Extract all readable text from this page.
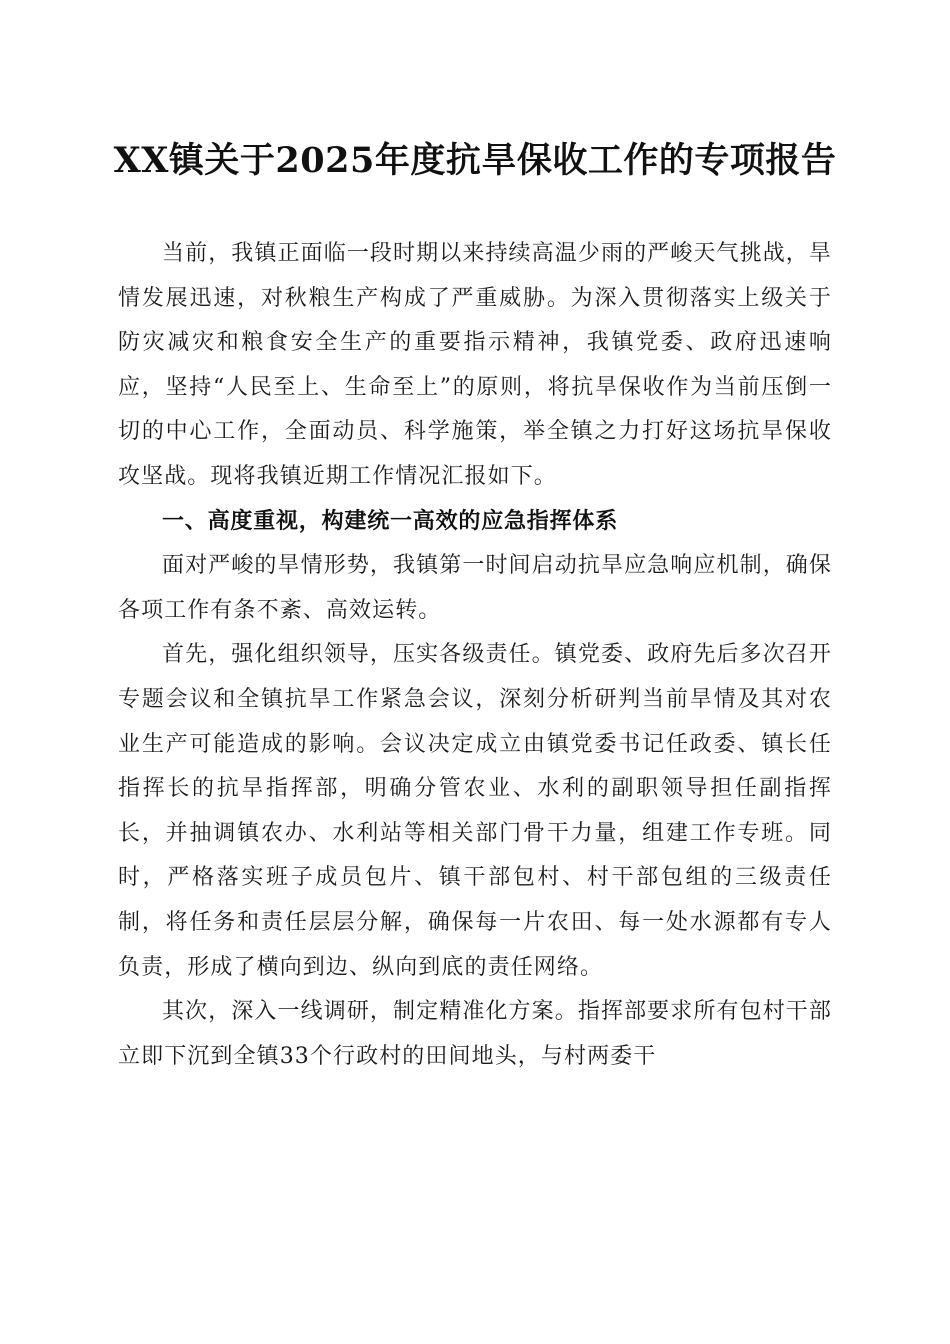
XX镇关于2025年度抗旱保收工作的专项报告

当前，我镇正面临一段时期以来持续高温少雨的严峻天气挑战，旱情发展迅速，对秋粮生产构成了严重威胁。为深入贯彻落实上级关于防灾减灾和粮食安全生产的重要指示精神，我镇党委、政府迅速响应，坚持“人民至上、生命至上”的原则，将抗旱保收作为当前压倒一切的中心工作，全面动员、科学施策，举全镇之力打好这场抗旱保收攻坚战。现将我镇近期工作情况汇报如下。

一、高度重视，构建统一高效的应急指挥体系

面对严峻的旱情形势，我镇第一时间启动抗旱应急响应机制，确保各项工作有条不紊、高效运转。

首先，强化组织领导，压实各级责任。镇党委、政府先后多次召开专题会议和全镇抗旱工作紧急会议，深刻分析研判当前旱情及其对农业生产可能造成的影响。会议决定成立由镇党委书记任政委、镇长任指挥长的抗旱指挥部，明确分管农业、水利的副职领导担任副指挥长，并抽调镇农办、水利站等相关部门骨干力量，组建工作专班。同时，严格落实班子成员包片、镇干部包村、村干部包组的三级责任制，将任务和责任层层分解，确保每一片农田、每一处水源都有专人负责，形成了横向到边、纵向到底的责任网络。

其次，深入一线调研，制定精准化方案。指挥部要求所有包村干部立即下沉到全镇33个行政村的田间地头，与村两委干
